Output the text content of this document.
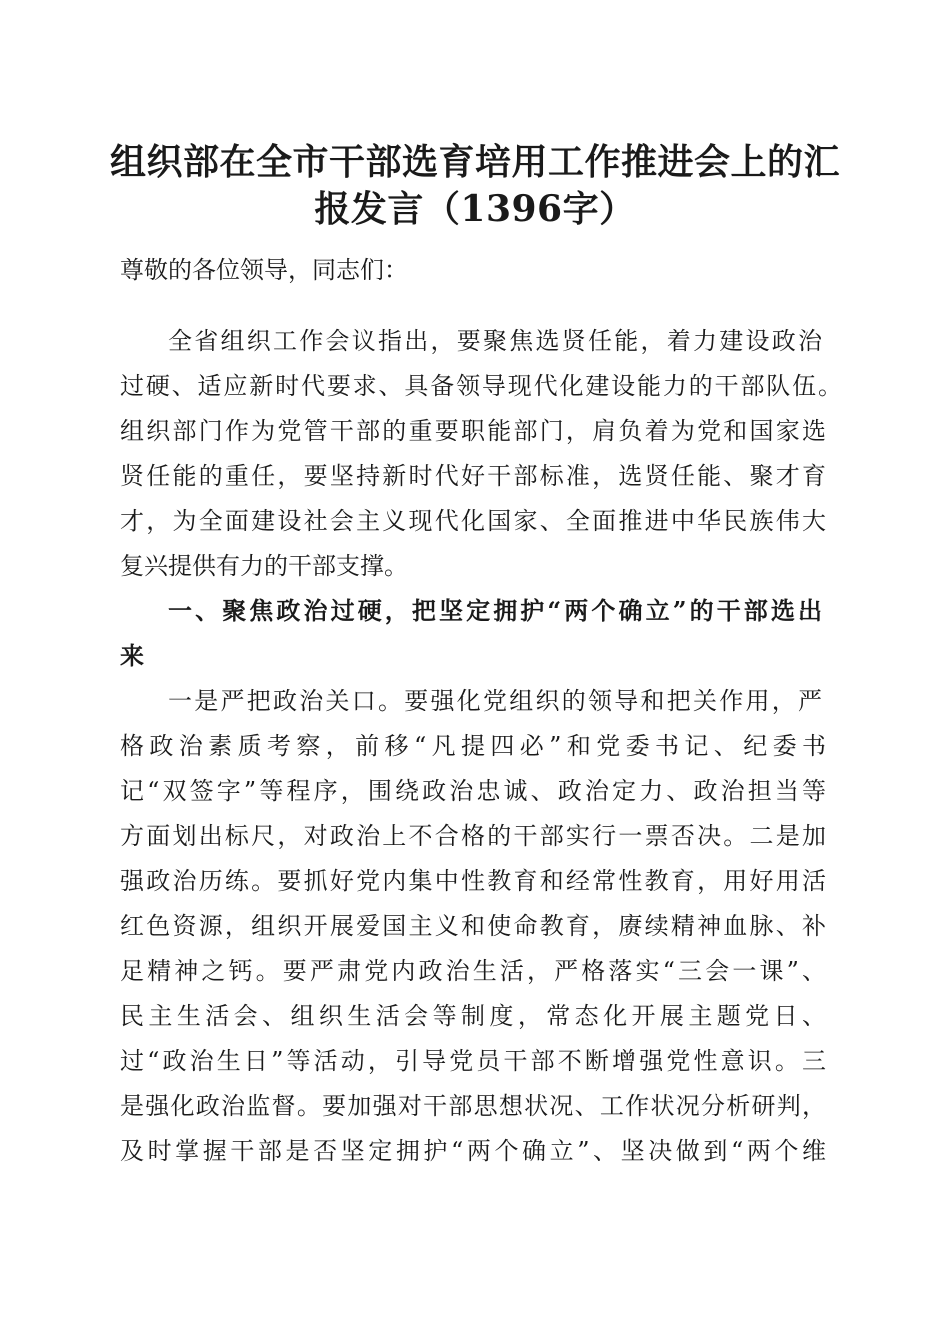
组织部在全市干部选育培用工作推进会上的汇
报发言（1396字）
尊敬的各位领导，同志们：
全省组织工作会议指出，要聚焦选贤任能，着力建设政治
过硬、适应新时代要求、具备领导现代化建设能力的干部队伍。
组织部门作为党管干部的重要职能部门，肩负着为党和国家选
贤任能的重任，要坚持新时代好干部标准，选贤任能、聚才育
才，为全面建设社会主义现代化国家、全面推进中华民族伟大
复兴提供有力的干部支撑。
一、聚焦政治过硬，把坚定拥护“两个确立”的干部选出
来
一是严把政治关口。要强化党组织的领导和把关作用，严
格政治素质考察，前移“凡提四必”和党委书记、纪委书
记“双签字”等程序，围绕政治忠诚、政治定力、政治担当等
方面划出标尺，对政治上不合格的干部实行一票否决。二是加
强政治历练。要抓好党内集中性教育和经常性教育，用好用活
红色资源，组织开展爱国主义和使命教育，赓续精神血脉、补
足精神之钙。要严肃党内政治生活，严格落实“三会一课”、
民主生活会、组织生活会等制度，常态化开展主题党日、
过“政治生日”等活动，引导党员干部不断增强党性意识。三
是强化政治监督。要加强对干部思想状况、工作状况分析研判，
及时掌握干部是否坚定拥护“两个确立”、坚决做到“两个维
